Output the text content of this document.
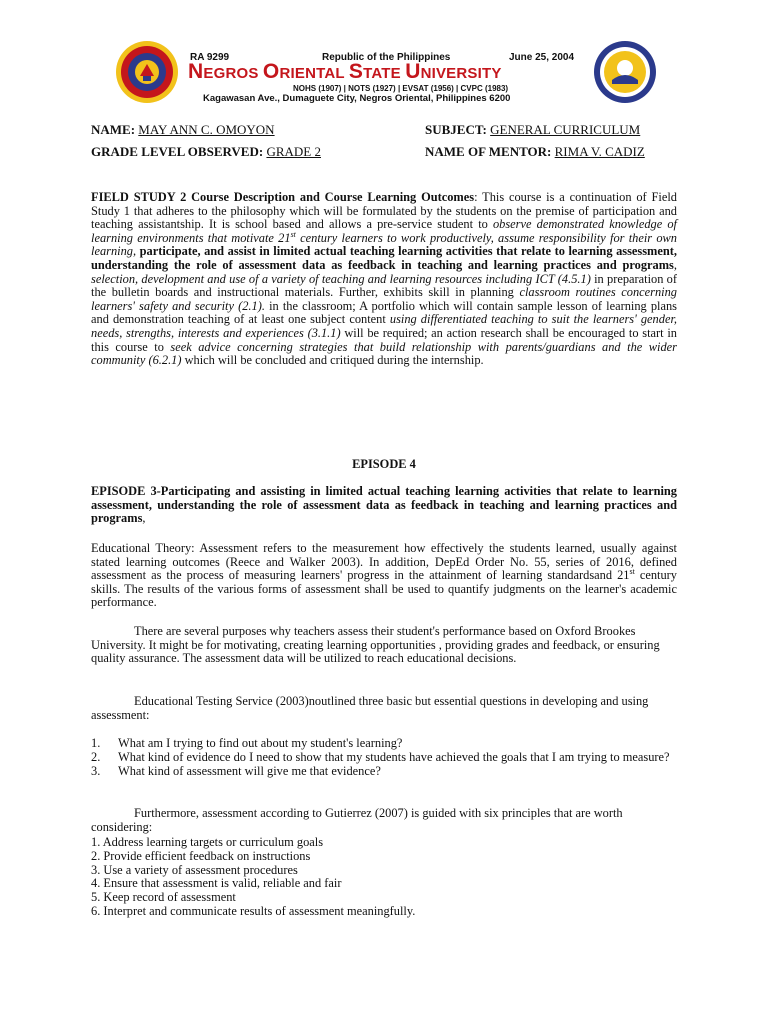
RA 9299	Republic of the Philippines	June 25, 2004
NEGROS ORIENTAL STATE UNIVERSITY
NOHS (1907) | NOTS (1927) | EVSAT (1956) | CVPC (1983)
Kagawasan Ave., Dumaguete City, Negros Oriental, Philippines 6200
NAME: MAY ANN C. OMOYON	SUBJECT: GENERAL CURRICULUM
GRADE LEVEL OBSERVED: GRADE 2	NAME OF MENTOR: RIMA V. CADIZ
FIELD STUDY 2 Course Description and Course Learning Outcomes: This course is a continuation of Field Study 1 that adheres to the philosophy which will be formulated by the students on the premise of participation and teaching assistantship. It is school based and allows a pre-service student to observe demonstrated knowledge of learning environments that motivate 21st century learners to work productively, assume responsibility for their own learning, participate, and assist in limited actual teaching learning activities that relate to learning assessment, understanding the role of assessment data as feedback in teaching and learning practices and programs, selection, development and use of a variety of teaching and learning resources including ICT (4.5.1) in preparation of the bulletin boards and instructional materials. Further, exhibits skill in planning classroom routines concerning learners' safety and security (2.1). in the classroom; A portfolio which will contain sample lesson of learning plans and demonstration teaching of at least one subject content using differentiated teaching to suit the learners' gender, needs, strengths, interests and experiences (3.1.1) will be required; an action research shall be encouraged to start in this course to seek advice concerning strategies that build relationship with parents/guardians and the wider community (6.2.1) which will be concluded and critiqued during the internship.
EPISODE 4
EPISODE 3-Participating and assisting in limited actual teaching learning activities that relate to learning assessment, understanding the role of assessment data as feedback in teaching and learning practices and programs,
Educational Theory: Assessment refers to the measurement how effectively the students learned, usually against stated learning outcomes (Reece and Walker 2003). In addition, DepEd Order No. 55, series of 2016, defined assessment as the process of measuring learners' progress in the attainment of learning standardsand 21st century skills. The results of the various forms of assessment shall be used to quantify judgments on the learner's academic performance.
There are several purposes why teachers assess their student's performance based on Oxford Brookes University. It might be for motivating, creating learning opportunities , providing grades and feedback, or ensuring quality assurance. The assessment data will be utilized to reach educational decisions.
Educational Testing Service (2003)noutlined three basic but essential questions in developing and using assessment:
1. What am I trying to find out about my student's learning?
2. What kind of evidence do I need to show that my students have achieved the goals that I am trying to measure?
3. What kind of assessment will give me that evidence?
Furthermore, assessment according to Gutierrez (2007) is guided with six principles that are worth considering:
1. Address learning targets or curriculum goals
2. Provide efficient feedback on instructions
3. Use a variety of assessment procedures
4. Ensure that assessment is valid, reliable and fair
5. Keep record of assessment
6. Interpret and communicate results of assessment meaningfully.
